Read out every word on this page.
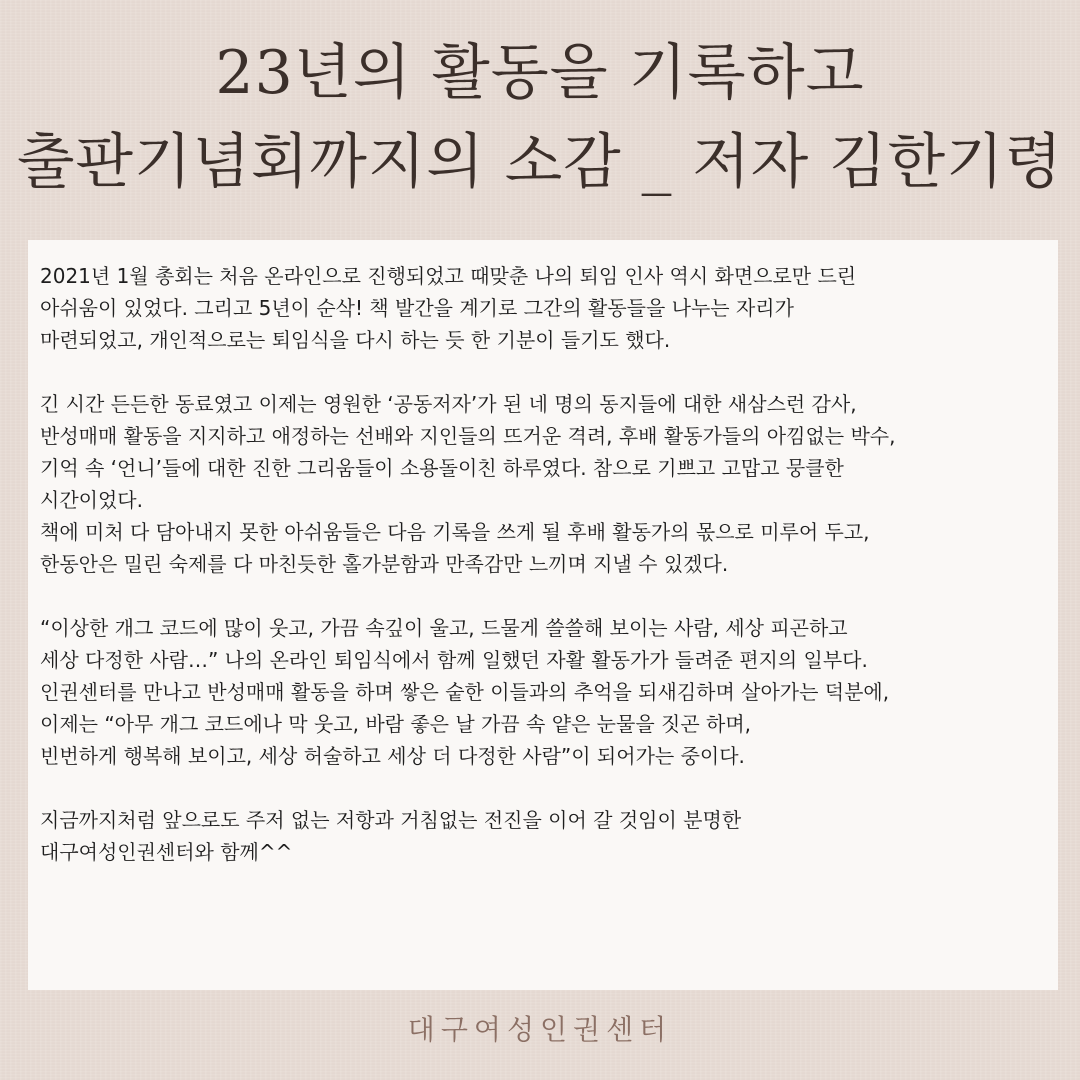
23년의 활동을 기록하고
출판기념회까지의 소감 _ 저자 김한기령
2021년 1월 총회는 처음 온라인으로 진행되었고 때맞춘 나의 퇴임 인사 역시 화면으로만 드린
아쉬움이 있었다. 그리고 5년이 순삭! 책 발간을 계기로 그간의 활동들을 나누는 자리가
마련되었고, 개인적으로는 퇴임식을 다시 하는 듯 한 기분이 들기도 했다.
긴 시간 든든한 동료였고 이제는 영원한 ‘공동저자’가 된 네 명의 동지들에 대한 새삼스런 감사,
반성매매 활동을 지지하고 애정하는 선배와 지인들의 뜨거운 격려, 후배 활동가들의 아낌없는 박수,
기억 속 ‘언니’들에 대한 진한 그리움들이 소용돌이친 하루였다. 참으로 기쁘고 고맙고 뭉클한
시간이었다.
책에 미처 다 담아내지 못한 아쉬움들은 다음 기록을 쓰게 될 후배 활동가의 몫으로 미루어 두고,
한동안은 밀린 숙제를 다 마친듯한 홀가분함과 만족감만 느끼며 지낼 수 있겠다.
“이상한 개그 코드에 많이 웃고, 가끔 속깊이 울고, 드물게 쓸쓸해 보이는 사람, 세상 피곤하고
세상 다정한 사람…” 나의 온라인 퇴임식에서 함께 일했던 자활 활동가가 들려준 편지의 일부다.
인권센터를 만나고 반성매매 활동을 하며 쌓은 숱한 이들과의 추억을 되새김하며 살아가는 덕분에,
이제는 “아무 개그 코드에나 막 웃고, 바람 좋은 날 가끔 속 얕은 눈물을 짓곤 하며,
빈번하게 행복해 보이고, 세상 허술하고 세상 더 다정한 사람”이 되어가는 중이다.
지금까지처럼 앞으로도 주저 없는 저항과 거침없는 전진을 이어 갈 것임이 분명한
대구여성인권센터와 함께^^
대구여성인권센터
